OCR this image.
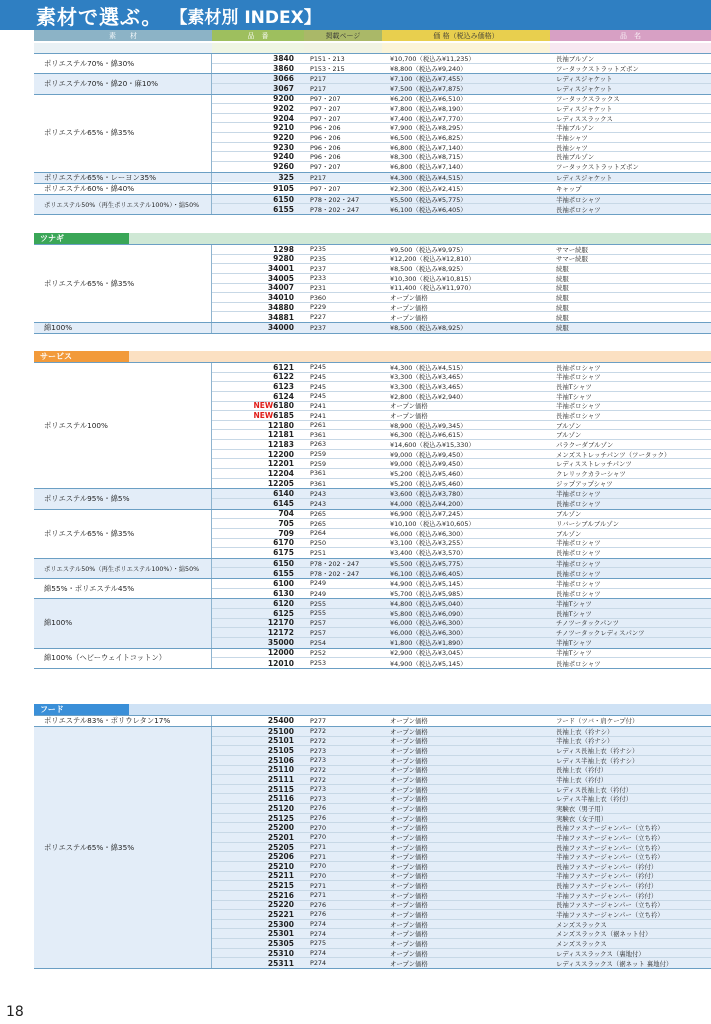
素材で選ぶ。 【素材別 INDEX】
素　　材	品　番	掲載ページ	価 格（税込み価格）	品　名
ポリエステル70%・綿30%
3840	P151・213	¥10,700（税込み¥11,235）	長袖ブルゾン
3860	P153・215	¥8,800（税込み¥9,240）	ツータックストラットズボン
ポリエステル70%・綿20・麻10%
3066	P217	¥7,100（税込み¥7,455）	レディスジャケット
3067	P217	¥7,500（税込み¥7,875）	レディスジャケット
ポリエステル65%・綿35%
9200	P97・207	¥6,200（税込み¥6,510）	ツータックスラックス
9202	P97・207	¥7,800（税込み¥8,190）	レディスジャケット
9204	P97・207	¥7,400（税込み¥7,770）	レディススラックス
9210	P96・206	¥7,900（税込み¥8,295）	半袖ブルゾン
9220	P96・206	¥6,500（税込み¥6,825）	半袖シャツ
9230	P96・206	¥6,800（税込み¥7,140）	長袖シャツ
9240	P96・206	¥8,300（税込み¥8,715）	長袖ブルゾン
9260	P97・207	¥6,800（税込み¥7,140）	ツータックストラットズボン
ポリエステル65%・レーヨン35%	325	P217	¥4,300（税込み¥4,515）	レディスジャケット
ポリエステル60%・綿40%	9105	P97・207	¥2,300（税込み¥2,415）	キャップ
ポリエステル50%（再生ポリエステル100%）・綿50%
6150	P78・202・247	¥5,500（税込み¥5,775）	半袖ポロシャツ
6155	P78・202・247	¥6,100（税込み¥6,405）	長袖ポロシャツ
ツナギ
ポリエステル65%・綿35%
1298	P235	¥9,500（税込み¥9,975）	サマー続服
9280	P235	¥12,200（税込み¥12,810）	サマー続服
34001	P237	¥8,500（税込み¥8,925）	続服
34005	P233	¥10,300（税込み¥10,815）	続服
34007	P231	¥11,400（税込み¥11,970）	続服
34010	P360	オープン価格	続服
34880	P229	オープン価格	続服
34881	P227	オープン価格	続服
綿100%	34000	P237	¥8,500（税込み¥8,925）	続服
サービス
ポリエステル100%
6121	P245	¥4,300（税込み¥4,515）	長袖ポロシャツ
6122	P245	¥3,300（税込み¥3,465）	半袖ポロシャツ
6123	P245	¥3,300（税込み¥3,465）	長袖Tシャツ
6124	P245	¥2,800（税込み¥2,940）	半袖Tシャツ
NEW6180	P241	オープン価格	半袖ポロシャツ
NEW6185	P241	オープン価格	長袖ポロシャツ
12180	P261	¥8,900（税込み¥9,345）	ブルゾン
12181	P361	¥6,300（税込み¥6,615）	ブルゾン
12183	P263	¥14,600（税込み¥15,330）	パラクーダブルゾン
12200	P259	¥9,000（税込み¥9,450）	メンズストレッチパンツ（ツータック）
12201	P259	¥9,000（税込み¥9,450）	レディスストレッチパンツ
12204	P361	¥5,200（税込み¥5,460）	クレリックカラーシャツ
12205	P361	¥5,200（税込み¥5,460）	ジップアップシャツ
ポリエステル95%・綿5%
6140	P243	¥3,600（税込み¥3,780）	半袖ポロシャツ
6145	P243	¥4,000（税込み¥4,200）	長袖ポロシャツ
ポリエステル65%・綿35%
704	P265	¥6,900（税込み¥7,245）	ブルゾン
705	P265	¥10,100（税込み¥10,605）	リバーシブルブルゾン
709	P264	¥6,000（税込み¥6,300）	ブルゾン
6170	P250	¥3,100（税込み¥3,255）	半袖ポロシャツ
6175	P251	¥3,400（税込み¥3,570）	長袖ポロシャツ
ポリエステル50%（再生ポリエステル100%）・綿50%
6150	P78・202・247	¥5,500（税込み¥5,775）	半袖ポロシャツ
6155	P78・202・247	¥6,100（税込み¥6,405）	長袖ポロシャツ
綿55%・ポリエステル45%
6100	P249	¥4,900（税込み¥5,145）	半袖ポロシャツ
6130	P249	¥5,700（税込み¥5,985）	長袖ポロシャツ
綿100%
6120	P255	¥4,800（税込み¥5,040）	半袖Tシャツ
6125	P255	¥5,800（税込み¥6,090）	長袖Tシャツ
12170	P257	¥6,000（税込み¥6,300）	チノツータックパンツ
12172	P257	¥6,000（税込み¥6,300）	チノツータックレディスパンツ
35000	P254	¥1,800（税込み¥1,890）	半袖Tシャツ
綿100%（ヘビーウェイトコットン）
12000	P252	¥2,900（税込み¥3,045）	半袖Tシャツ
12010	P253	¥4,900（税込み¥5,145）	長袖ポロシャツ
フード
ポリエステル83%・ポリウレタン17%	25400	P277	オープン価格	フード（ツバ・肩ケープ付）
ポリエステル65%・綿35%
25100	P272	オープン価格	長袖上衣（衿ナシ）
25101	P272	オープン価格	半袖上衣（衿ナシ）
25105	P273	オープン価格	レディス長袖上衣（衿ナシ）
25106	P273	オープン価格	レディス半袖上衣（衿ナシ）
25110	P272	オープン価格	長袖上衣（衿付）
25111	P272	オープン価格	半袖上衣（衿付）
25115	P273	オープン価格	レディス長袖上衣（衿付）
25116	P273	オープン価格	レディス半袖上衣（衿付）
25120	P276	オープン価格	実験衣（男子用）
25125	P276	オープン価格	実験衣（女子用）
25200	P270	オープン価格	長袖ファスナージャンパー（立ち衿）
25201	P270	オープン価格	半袖ファスナージャンパー（立ち衿）
25205	P271	オープン価格	長袖ファスナージャンパー（立ち衿）
25206	P271	オープン価格	半袖ファスナージャンパー（立ち衿）
25210	P270	オープン価格	長袖ファスナージャンパー（衿付）
25211	P270	オープン価格	半袖ファスナージャンパー（衿付）
25215	P271	オープン価格	長袖ファスナージャンパー（衿付）
25216	P271	オープン価格	半袖ファスナージャンパー（衿付）
25220	P276	オープン価格	長袖ファスナージャンパー（立ち衿）
25221	P276	オープン価格	半袖ファスナージャンパー（立ち衿）
25300	P274	オープン価格	メンズスラックス
25301	P274	オープン価格	メンズスラックス（裾ネット付）
25305	P275	オープン価格	メンズスラックス
25310	P274	オープン価格	レディススラックス（裏地付）
25311	P274	オープン価格	レディススラックス（裾ネット 裏地付）
18
